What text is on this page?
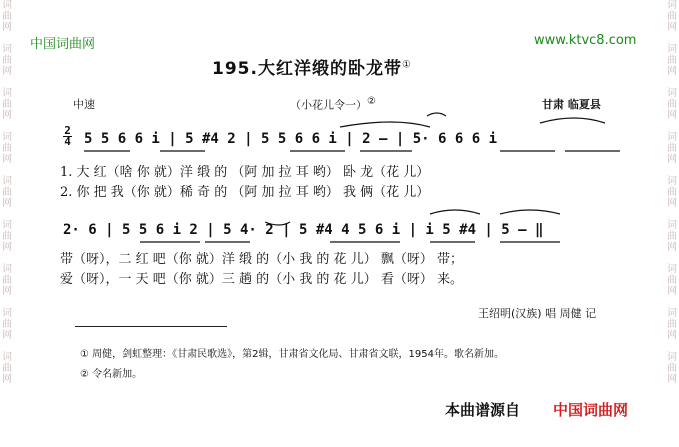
词
曲
网

词
曲
网

词
曲
网

词
曲
网

词
曲
网

词
曲
网

词
曲
网

词
曲
网

词
曲
网
词
曲
网

词
曲
网

词
曲
网

词
曲
网

词
曲
网

词
曲
网

词
曲
网

词
曲
网

词
曲
网
中国词曲网	www.ktvc8.com
195.大红洋缎的卧龙带①
中速	（小花儿令一）②	甘肃 临夏县
2
4 5 5 6 6 i | 5 #4 2 | 5 5 6 6 i | 2 – | 5· 6 6 6 i
1. 大 红（啥 你 就）洋 缎 的 （阿 加 拉 耳 哟） 卧 龙（花 儿）
2. 你 把 我（你 就）稀 奇 的 （阿 加 拉 耳 哟） 我 俩（花 儿）
2· 6 | 5 5 6 i 2 | 5 4· 2 | 5 #4 4 5 6 i | i 5 #4 | 5 – ‖
带（呀），二 红 吧（你 就）洋 缎 的（小 我 的 花 儿） 飘（呀） 带；
爱（呀），一 天 吧（你 就）三 趟 的（小 我 的 花 儿） 看（呀） 来。
王绍明(汉族) 唱 周健 记
① 周健，剑虹整理：《甘肃民歌选》，第2辑，甘肃省文化局、甘肃省文联，1954年。歌名新加。
② 令名新加。
本曲谱源自 中国词曲网
